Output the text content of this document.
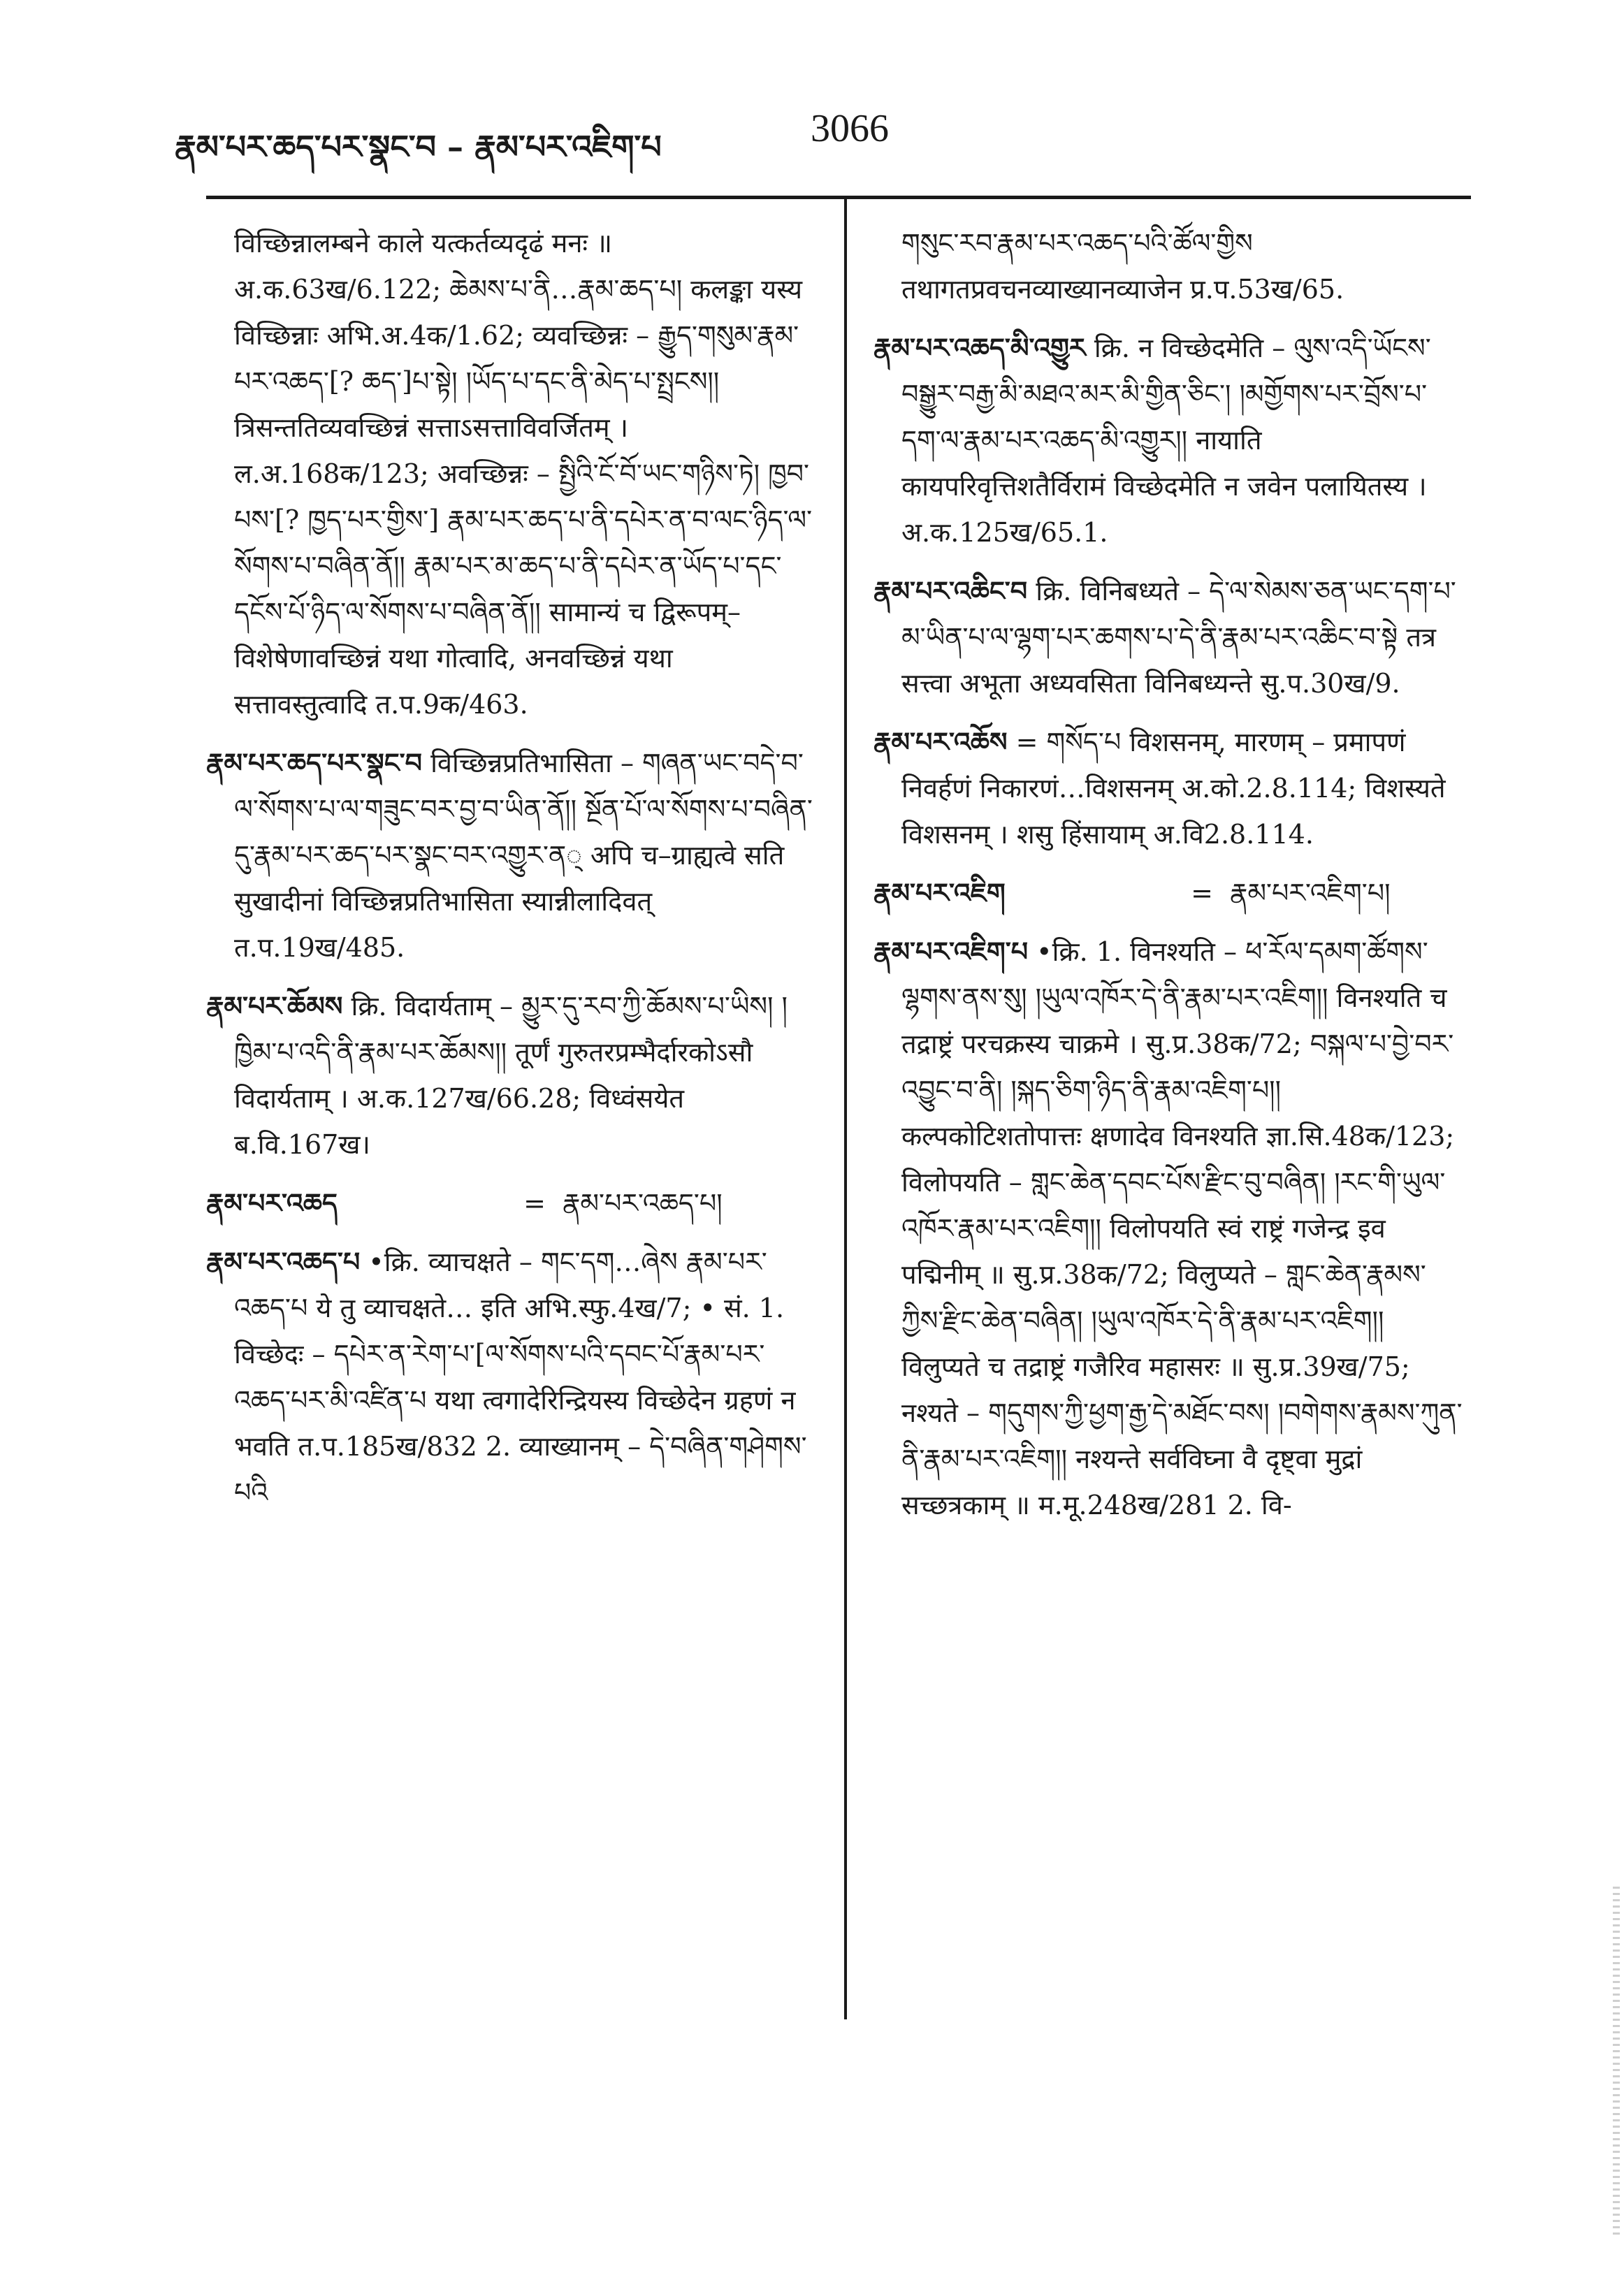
རྣམ་པར་ཆད་པར་སྣང་བ – རྣམ་པར་འཇིག་པ	3066
विच्छिन्नालम्बने काले यत्कर्तव्यदृढं मनः ॥ अ.क.63ख/6.122; ཆེམས་པ་ནི…རྣམ་ཆད་པ། कलङ्का यस्य विच्छिन्नाः अभि.अ.4क/1.62; व्यवच्छिन्नः – རྒྱུད་གསུམ་རྣམ་པར་འཆད་[? ཆད་]པ་སྟེ། །ཡོད་པ་དང་ནི་མེད་པ་སྤྲངས།། त्रिसन्ततिव्यवच्छिन्नं सत्ताऽसत्ताविवर्जितम् । ल.अ.168क/123; अवच्छिन्नः – སྤྱིའི་ངོ་བོ་ཡང་གཉིས་ཏེ། ཁྱབ་པས་[? ཁྱད་པར་གྱིས་] རྣམ་པར་ཆད་པ་ནི་དཔེར་ན་བ་ལང་ཉིད་ལ་སོགས་པ་བཞིན་ནོ།། རྣམ་པར་མ་ཆད་པ་ནི་དཔེར་ན་ཡོད་པ་དང་དངོས་པོ་ཉིད་ལ་སོགས་པ་བཞིན་ནོ།། सामान्यं च द्विरूपम्–विशेषेणावच्छिन्नं यथा गोत्वादि, अनवच्छिन्नं यथा सत्तावस्तुत्वादि त.प.9क/463.
རྣམ་པར་ཆད་པར་སྣང་བ विच्छिन्नप्रतिभासिता – གཞན་ཡང་བདེ་བ་ལ་སོགས་པ་ལ་གཟུང་བར་བྱ་བ་ཡིན་ནོ།། སྔོན་པོ་ལ་སོགས་པ་བཞིན་དུ་རྣམ་པར་ཆད་པར་སྣང་བར་འགྱུར་ན् अपि च–ग्राह्यत्वे सति सुखादीनां विच्छिन्नप्रतिभासिता स्यान्नीलादिवत् त.प.19ख/485.
རྣམ་པར་ཆོམས क्रि. विदार्यताम् – མྱུར་དུ་རབ་ཀྱི་ཆོམས་པ་ཡིས། །ཁྱིམ་པ་འདི་ནི་རྣམ་པར་ཆོམས།། तूर्णं गुरुतरप्रम्भैर्दारकोऽसौ विदार्यताम् । अ.क.127ख/66.28; विध्वंसयेत ब.वि.167ख।
རྣམ་པར་འཆད	= རྣམ་པར་འཆད་པ།
རྣམ་པར་འཆད་པ •क्रि. व्याचक्षते – གང་དག…ཞེས རྣམ་པར་འཆད་པ ये तु व्याचक्षते… इति अभि.स्फु.4ख/7; • सं. 1. विच्छेदः – དཔེར་ན་རེག་པ་[ལ་སོགས་པའི་དབང་པོ་རྣམ་པར་འཆད་པར་མི་འཛིན་པ यथा त्वगादेरिन्द्रियस्य विच्छेदेन ग्रहणं न भवति त.प.185ख/832 2. व्याख्यानम् – དེ་བཞིན་གཤེགས་པའི
གསུང་རབ་རྣམ་པར་འཆད་པའི་ཚོལ་གྱིས तथागतप्रवचनव्याख्यानव्याजेन प्र.प.53ख/65.
རྣམ་པར་འཆད་མི་འགྱུར क्रि. न विच्छेदमेति – ལུས་འདི་ཡོངས་བསྒྱུར་བརྒྱ་མི་མཐའ་མར་མི་གྱིན་ཅིང་། །མགྱོགས་པར་བྲོས་པ་དག་ལ་རྣམ་པར་འཆད་མི་འགྱུར།། नायाति कायपरिवृत्तिशतैर्विरामं विच्छेदमेति न जवेन पलायितस्य । अ.क.125ख/65.1.
རྣམ་པར་འཆིང་བ क्रि. विनिबध्यते – དེ་ལ་སེམས་ཅན་ཡང་དག་པ་མ་ཡིན་པ་ལ་ལྷག་པར་ཆགས་པ་དེ་ནི་རྣམ་པར་འཆིང་བ་སྟེ तत्र सत्त्वा अभूता अध्यवसिता विनिबध्यन्ते सु.प.30ख/9.
རྣམ་པར་འཆོས = གསོད་པ विशसनम्, मारणम् – प्रमापणं निवर्हणं निकारणं…विशसनम् अ.को.2.8.114; विशस्यते विशसनम् । शसु हिंसायाम् अ.वि2.8.114.
རྣམ་པར་འཇིག	= རྣམ་པར་འཇིག་པ།
རྣམ་པར་འཇིག་པ •क्रि. 1. विनश्यति – ཕ་རོལ་དམག་ཚོགས་ལྷགས་ནས་སུ། །ཡུལ་འཁོར་དེ་ནི་རྣམ་པར་འཇིག།། विनश्यति च तद्राष्ट्रं परचक्रस्य चाक्रमे । सु.प्र.38क/72; བསྐལ་པ་བྱེ་བར་འབྱུང་བ་ནི། །སྐད་ཅིག་ཉིད་ནི་རྣམ་འཇིག་པ།། कल्पकोटिशतोपात्तः क्षणादेव विनश्यति ज्ञा.सि.48क/123; विलोपयति – གླང་ཆེན་དབང་པོས་རྫིང་བུ་བཞིན། །རང་གི་ཡུལ་འཁོར་རྣམ་པར་འཇིག།། विलोपयति स्वं राष्ट्रं गजेन्द्र इव पद्मिनीम् ॥ सु.प्र.38क/72; विलुप्यते – གླང་ཆེན་རྣམས་ཀྱིས་རྫིང་ཆེན་བཞིན། །ཡུལ་འཁོར་དེ་ནི་རྣམ་པར་འཇིག།། विलुप्यते च तद्राष्ट्रं गजैरिव महासरः ॥ सु.प्र.39ख/75; नश्यते – གདུགས་ཀྱི་ཕྱག་རྒྱ་དེ་མཐོང་བས། །བགེགས་རྣམས་ཀུན་ནི་རྣམ་པར་འཇིག།། नश्यन्ते सर्वविघ्ना वै दृष्ट्वा मुद्रां सच्छत्रकाम् ॥ म.मू.248ख/281 2. वि-
